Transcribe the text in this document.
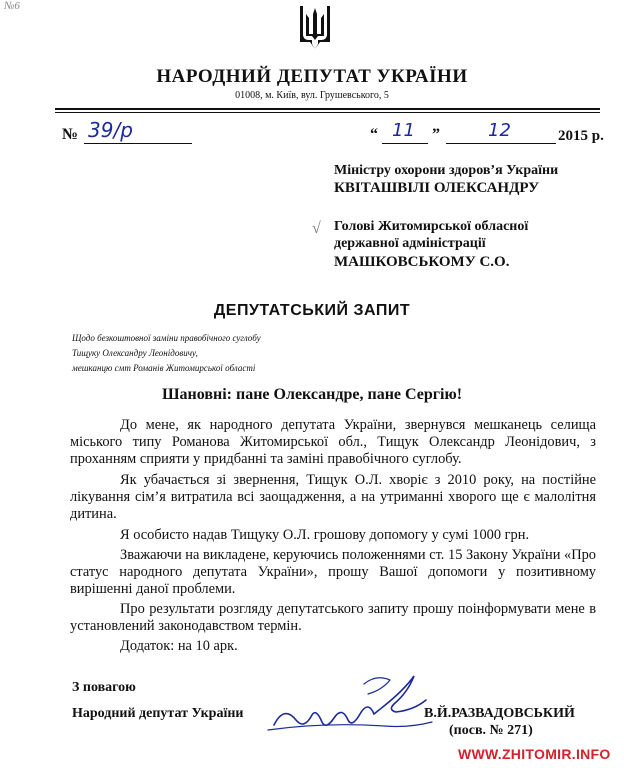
№6
НАРОДНИЙ ДЕПУТАТ УКРАЇНИ
01008, м. Київ, вул. Грушевського, 5
№ 39/р	“ 11 ”	12	2015 р.
Міністру охорони здоров’я України
КВІТАШВІЛІ ОЛЕКСАНДРУ
√ Голові Житомирської обласної
державної адміністрації
МАШКОВСЬКОМУ С.О.
ДЕПУТАТСЬКИЙ ЗАПИТ
Щодо безкоштовної заміни правобічного суглобу
Тищуку Олександру Леонідовичу,
мешканцю смт Романів Житомирської області
Шановні: пане Олександре, пане Сергію!

До мене, як народного депутата України, звернувся мешканець селища міського типу Романова Житомирської обл., Тищук Олександр Леонідович, з проханням сприяти у придбанні та заміні правобічного суглобу.

Як убачається зі звернення, Тищук О.Л. хворіє з 2010 року, на постійне лікування сім’я витратила всі заощадження, а на утриманні хворого ще є малолітня дитина.

Я особисто надав Тищуку О.Л. грошову допомогу у сумі 1000 грн.

Зважаючи на викладене, керуючись положеннями ст. 15 Закону України «Про статус народного депутата України», прошу Вашої допомоги у позитивному вирішенні даної проблеми.

Про результати розгляду депутатського запиту прошу поінформувати мене в установлений законодавством термін.

Додаток: на 10 арк.

З повагою
Народний депутат України	В.Й.РАЗВАДОВСЬКИЙ
(посв. № 271)
WWW.ZHITOMIR.INFO
